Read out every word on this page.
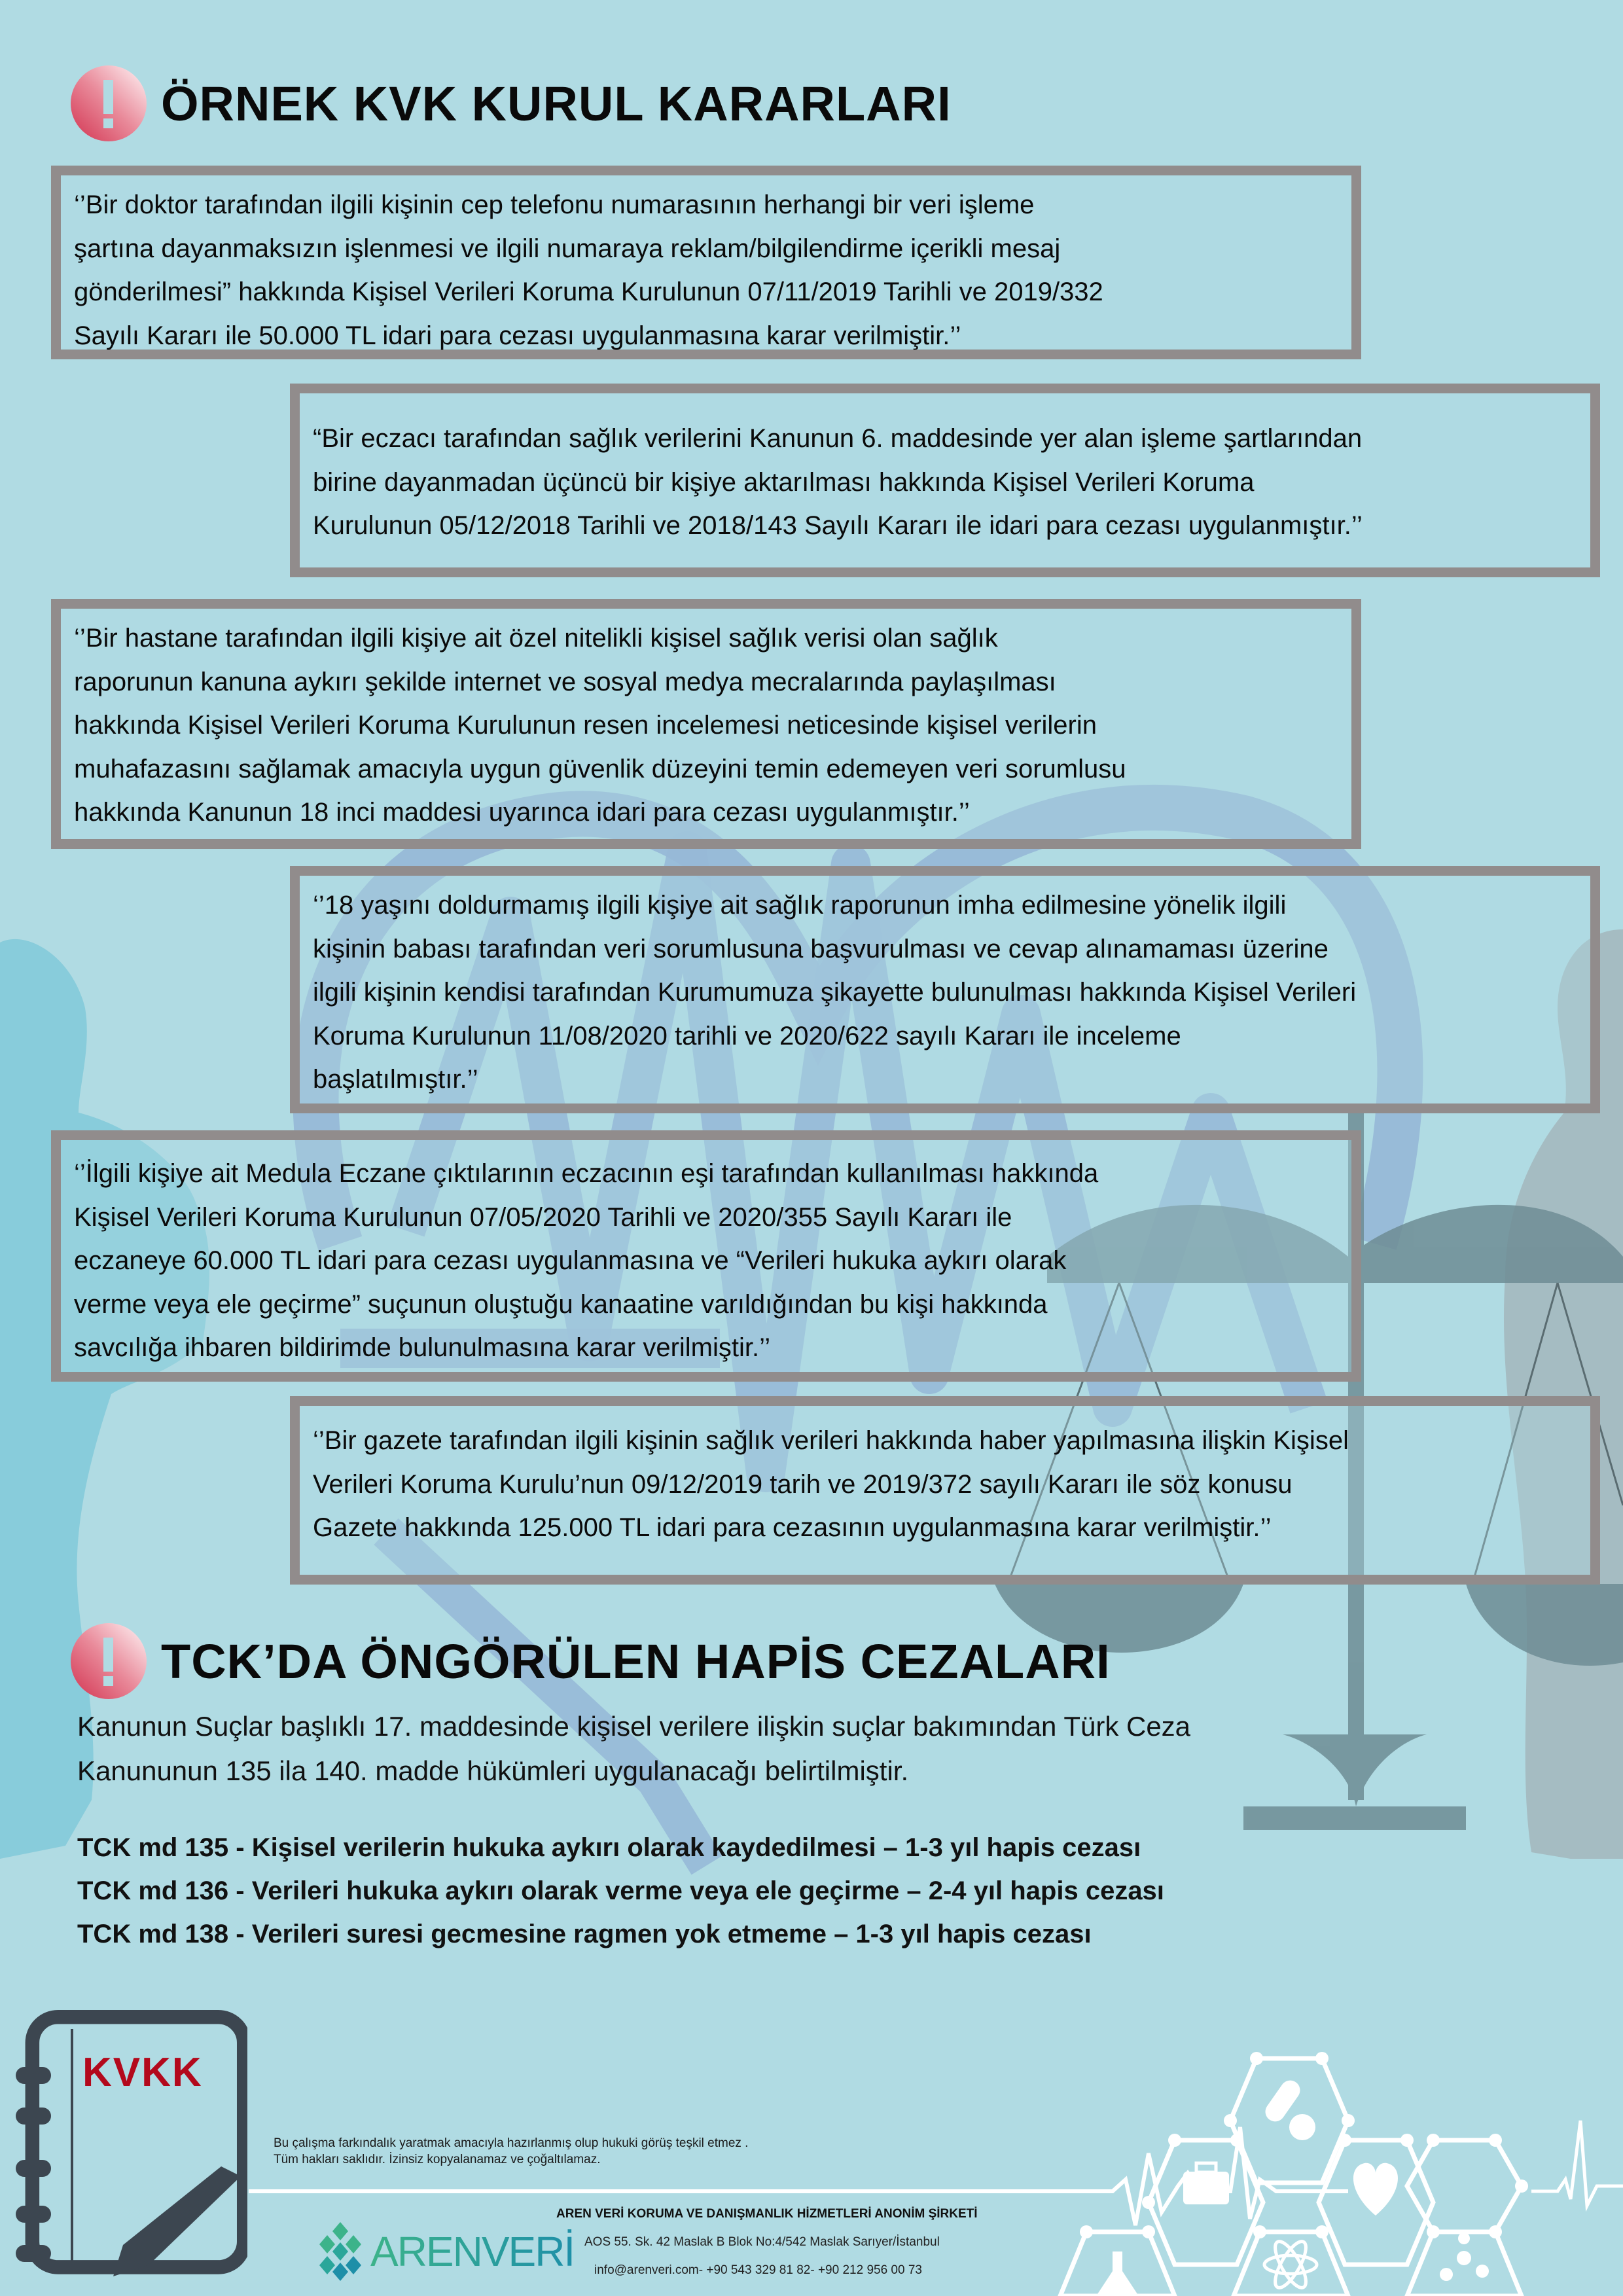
ÖRNEK KVK KURUL KARARLARI
‘’Bir doktor tarafından ilgili kişinin cep telefonu numarasının herhangi bir veri işleme
şartına dayanmaksızın işlenmesi ve ilgili numaraya reklam/bilgilendirme içerikli mesaj
gönderilmesi” hakkında Kişisel Verileri Koruma Kurulunun 07/11/2019 Tarihli ve 2019/332
Sayılı Kararı ile 50.000 TL idari para cezası uygulanmasına karar verilmiştir.’’
“Bir eczacı tarafından sağlık verilerini Kanunun 6. maddesinde yer alan işleme şartlarından
birine dayanmadan üçüncü bir kişiye aktarılması hakkında Kişisel Verileri Koruma
Kurulunun 05/12/2018 Tarihli ve 2018/143 Sayılı Kararı ile idari para cezası uygulanmıştır.’’
‘’Bir hastane tarafından ilgili kişiye ait özel nitelikli kişisel sağlık verisi olan sağlık
raporunun kanuna aykırı şekilde internet ve sosyal medya mecralarında paylaşılması
hakkında Kişisel Verileri Koruma Kurulunun resen incelemesi neticesinde kişisel verilerin
muhafazasını sağlamak amacıyla uygun güvenlik düzeyini temin edemeyen veri sorumlusu
hakkında Kanunun 18 inci maddesi uyarınca idari para cezası uygulanmıştır.’’
‘’18 yaşını doldurmamış ilgili kişiye ait sağlık raporunun imha edilmesine yönelik ilgili
kişinin babası tarafından veri sorumlusuna başvurulması ve cevap alınamaması üzerine
ilgili kişinin kendisi tarafından Kurumumuza şikayette bulunulması hakkında Kişisel Verileri
Koruma Kurulunun 11/08/2020 tarihli ve 2020/622 sayılı Kararı ile inceleme
başlatılmıştır.’’
‘’İlgili kişiye ait Medula Eczane çıktılarının eczacının eşi tarafından kullanılması hakkında
Kişisel Verileri Koruma Kurulunun 07/05/2020 Tarihli ve 2020/355 Sayılı Kararı ile
eczaneye 60.000 TL idari para cezası uygulanmasına ve “Verileri hukuka aykırı olarak
verme veya ele geçirme” suçunun oluştuğu kanaatine varıldığından bu kişi hakkında
savcılığa ihbaren bildirimde bulunulmasına karar verilmiştir.’’
‘’Bir gazete tarafından ilgili kişinin sağlık verileri hakkında haber yapılmasına ilişkin Kişisel
Verileri Koruma Kurulu’nun 09/12/2019 tarih ve 2019/372 sayılı Kararı ile söz konusu
Gazete hakkında 125.000 TL idari para cezasının uygulanmasına karar verilmiştir.’’
TCK’DA ÖNGÖRÜLEN HAPİS CEZALARI
Kanunun Suçlar başlıklı 17. maddesinde kişisel verilere ilişkin suçlar bakımından Türk Ceza
Kanununun 135 ila 140. madde hükümleri uygulanacağı belirtilmiştir.
TCK md 135 - Kişisel verilerin hukuka aykırı olarak kaydedilmesi – 1-3 yıl hapis cezası
TCK md 136 - Verileri hukuka aykırı olarak verme veya ele geçirme – 2-4 yıl hapis cezası
TCK md 138 - Verileri suresi gecmesine ragmen yok etmeme – 1-3 yıl hapis cezası
KVKK
Bu çalışma farkındalık yaratmak amacıyla hazırlanmış olup hukuki görüş teşkil etmez .
Tüm hakları saklıdır. İzinsiz kopyalanamaz ve çoğaltılamaz.
AREN VERİ KORUMA VE DANIŞMANLIK HİZMETLERİ ANONİM ŞİRKETİ
AOS 55. Sk. 42 Maslak B Blok No:4/542 Maslak Sarıyer/İstanbul
info@arenveri.com- +90 543 329 81 82- +90 212 956 00 73
ARENVERİ
